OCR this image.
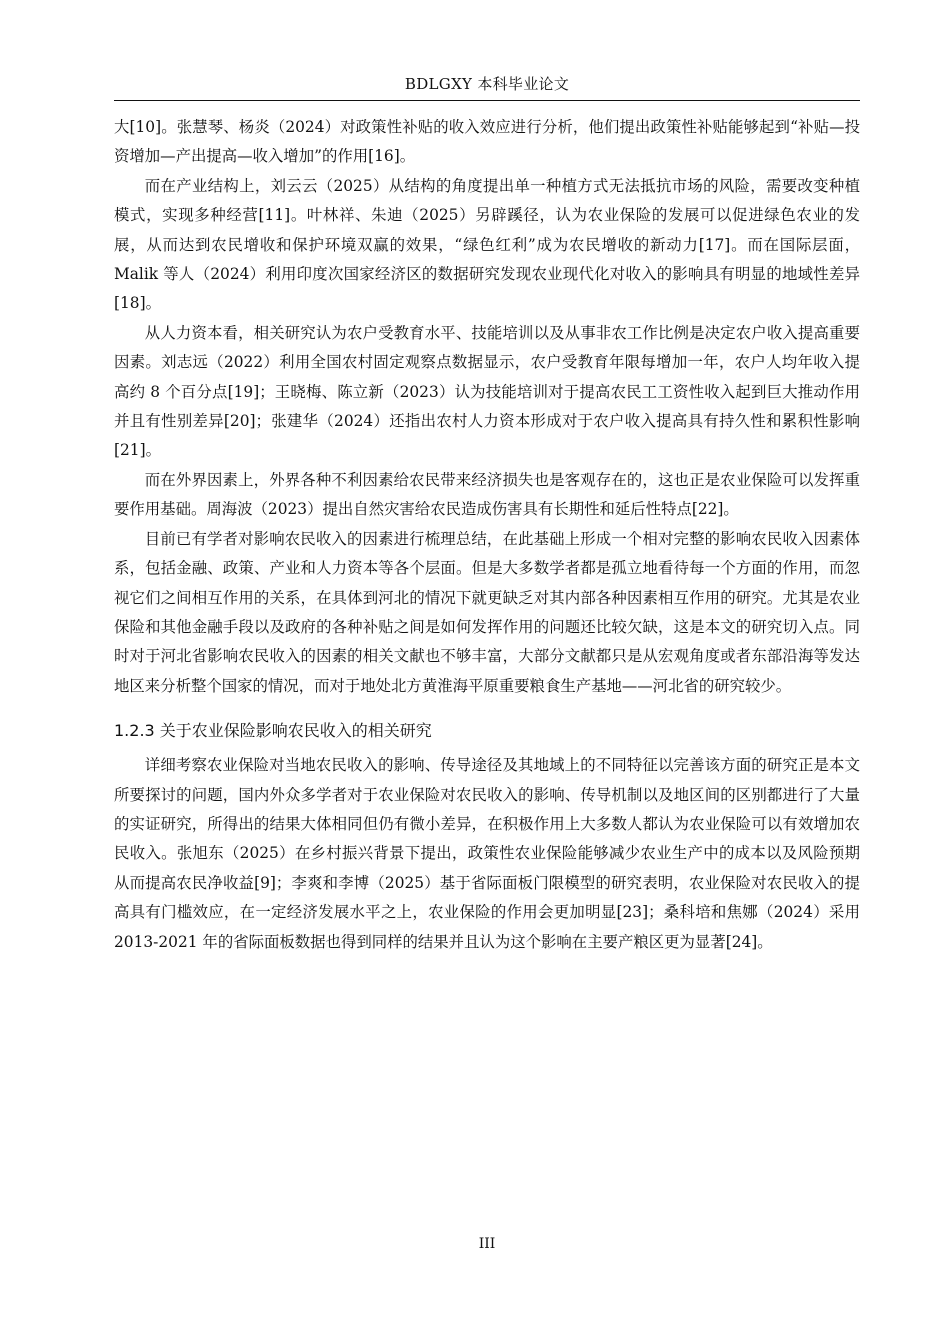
BDLGXY 本科毕业论文

大[10]。张慧琴、杨炎（2024）对政策性补贴的收入效应进行分析，他们提出政策性补贴能够起到“补贴—投资增加—产出提高—收入增加”的作用[16]。

而在产业结构上，刘云云（2025）从结构的角度提出单一种植方式无法抵抗市场的风险，需要改变种植模式，实现多种经营[11]。叶林祥、朱迪（2025）另辟蹊径，认为农业保险的发展可以促进绿色农业的发展，从而达到农民增收和保护环境双赢的效果，“绿色红利”成为农民增收的新动力[17]。而在国际层面，Malik 等人（2024）利用印度次国家经济区的数据研究发现农业现代化对收入的影响具有明显的地域性差异[18]。

从人力资本看，相关研究认为农户受教育水平、技能培训以及从事非农工作比例是决定农户收入提高重要因素。刘志远（2022）利用全国农村固定观察点数据显示，农户受教育年限每增加一年，农户人均年收入提高约 8 个百分点[19]；王晓梅、陈立新（2023）认为技能培训对于提高农民工工资性收入起到巨大推动作用并且有性别差异[20]；张建华（2024）还指出农村人力资本形成对于农户收入提高具有持久性和累积性影响[21]。

而在外界因素上，外界各种不利因素给农民带来经济损失也是客观存在的，这也正是农业保险可以发挥重要作用基础。周海波（2023）提出自然灾害给农民造成伤害具有长期性和延后性特点[22]。

目前已有学者对影响农民收入的因素进行梳理总结，在此基础上形成一个相对完整的影响农民收入因素体系，包括金融、政策、产业和人力资本等各个层面。但是大多数学者都是孤立地看待每一个方面的作用，而忽视它们之间相互作用的关系，在具体到河北的情况下就更缺乏对其内部各种因素相互作用的研究。尤其是农业保险和其他金融手段以及政府的各种补贴之间是如何发挥作用的问题还比较欠缺，这是本文的研究切入点。同时对于河北省影响农民收入的因素的相关文献也不够丰富，大部分文献都只是从宏观角度或者东部沿海等发达地区来分析整个国家的情况，而对于地处北方黄淮海平原重要粮食生产基地——河北省的研究较少。

1.2.3 关于农业保险影响农民收入的相关研究

详细考察农业保险对当地农民收入的影响、传导途径及其地域上的不同特征以完善该方面的研究正是本文所要探讨的问题，国内外众多学者对于农业保险对农民收入的影响、传导机制以及地区间的区别都进行了大量的实证研究，所得出的结果大体相同但仍有微小差异，在积极作用上大多数人都认为农业保险可以有效增加农民收入。张旭东（2025）在乡村振兴背景下提出，政策性农业保险能够减少农业生产中的成本以及风险预期从而提高农民净收益[9]；李爽和李博（2025）基于省际面板门限模型的研究表明，农业保险对农民收入的提高具有门槛效应，在一定经济发展水平之上，农业保险的作用会更加明显[23]；桑科培和焦娜（2024）采用 2013-2021 年的省际面板数据也得到同样的结果并且认为这个影响在主要产粮区更为显著[24]。

III
